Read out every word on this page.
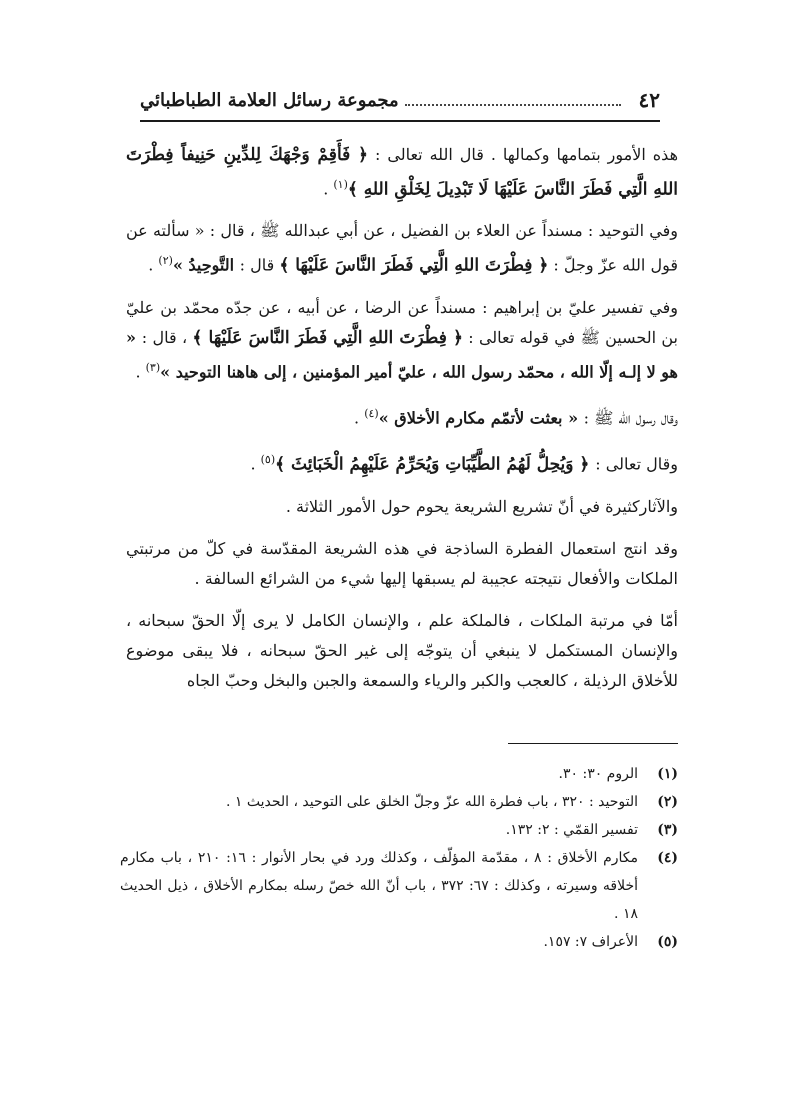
٤٢
مجموعة رسائل العلامة الطباطبائي

هذه الأمور بتمامها وكمالها . قال الله تعالى : ﴿ فَأَقِمْ وَجْهَكَ لِلدِّينِ حَنِيفاً فِطْرَتَ اللهِ الَّتِي فَطَرَ النَّاسَ عَلَيْهَا لَا تَبْدِيلَ لِخَلْقِ اللهِ ﴾$^{(١)}$ .

وفي التوحيد : مسنداً عن العلاء بن الفضيل ، عن أبي عبدالله ﷺ ، قال : « سألته عن قول الله عزّ وجلّ : ﴿ فِطْرَتَ اللهِ الَّتِي فَطَرَ النَّاسَ عَلَيْهَا ﴾ قال : التَّوحِيدُ »$^{(٢)}$ .

وفي تفسير عليّ بن إبراهيم : مسنداً عن الرضا ، عن أبيه ، عن جدّه محمّد بن عليّ بن الحسين ﷺ في قوله تعالى : ﴿ فِطْرَتَ اللهِ الَّتِي فَطَرَ النَّاسَ عَلَيْهَا ﴾ ، قال : « هو لا إلـه إلّا الله ، محمّد رسول الله ، عليّ أمير المؤمنين ، إلى هاهنا التوحيد »$^{(٣)}$ .

وقال رسول الله ﷺ : « بعثت لأتمّم مكارم الأخلاق »$^{(٤)}$ .

وقال تعالى : ﴿ وَيُحِلُّ لَهُمُ الطَّيِّبَاتِ وَيُحَرِّمُ عَلَيْهِمُ الْخَبَائِثَ ﴾$^{(٥)}$ .

والآثاركثيرة في أنّ تشريع الشريعة يحوم حول الأمور الثلاثة .

وقد انتج استعمال الفطرة الساذجة في هذه الشريعة المقدّسة في كلّ من مرتبتي الملكات والأفعال نتيجته عجيبة لم يسبقها إليها شيء من الشرائع السالفة .

أمّا في مرتبة الملكات ، فالملكة علم ، والإنسان الكامل لا يرى إلّا الحقّ سبحانه ، والإنسان المستكمل لا ينبغي أن يتوجّه إلى غير الحقّ سبحانه ، فلا يبقى موضوع للأخلاق الرذيلة ، كالعجب والكبر والرياء والسمعة والجبن والبخل وحبّ الجاه

(١)
الروم ٣٠: ٣٠.
(٢)
التوحيد : ٣٢٠ ، باب فطرة الله عزّ وجلّ الخلق على التوحيد ، الحديث ١ .
(٣)
تفسير القمّي : ٢: ١٣٢.
(٤)
مكارم الأخلاق : ٨ ، مقدّمة المؤلّف ، وكذلك ورد في بحار الأنوار : ١٦: ٢١٠ ، باب مكارم أخلاقه وسيرته ، وكذلك : ٦٧: ٣٧٢ ، باب أنّ الله خصّ رسله بمكارم الأخلاق ، ذيل الحديث ١٨ .
(٥)
الأعراف ٧: ١٥٧.
